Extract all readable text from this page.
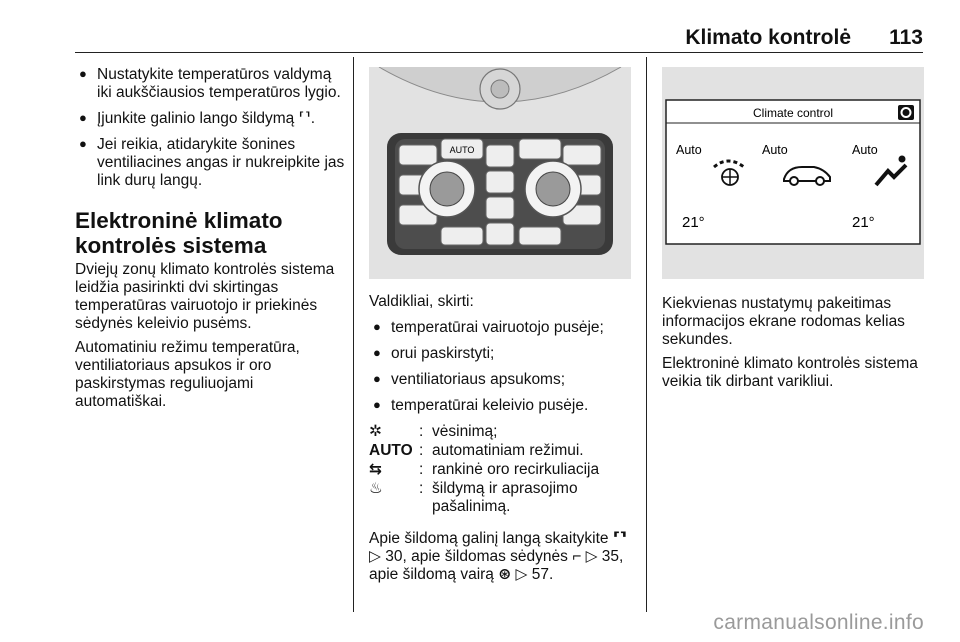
Klimato kontrolė 113
● Nustatykite temperatūros valdymą iki aukščiausios temperatūros lygio.
● Įjunkite galinio lango šildymą ⸢⸣.
● Jei reikia, atidarykite šonines ventiliacines angas ir nukreipkite jas link durų langų.
Elektroninė klimato kontrolės sistema

Dviejų zonų klimato kontrolės sistema leidžia pasirinkti dvi skirtingas temperatūras vairuotojo ir priekinės sėdynės keleivio pusėms.

Automatiniu režimu temperatūra, ventiliatoriaus apsukos ir oro paskirstymas reguliuojami automatiškai.

AUTO

Valdikliai, skirti:

● temperatūrai vairuotojo pusėje;
● orui paskirstyti;
● ventiliatoriaus apsukoms;
● temperatūrai keleivio pusėje.
✲	: vėsinimą;
AUTO : automatiniam režimui.
⇆	: rankinė oro recirkuliacija
♨	: šildymą ir aprasojimo pašalinimą.

Apie šildomą galinį langą skaitykite ⸢⸣ ▷ 30, apie šildomas sėdynės ⌐ ▷ 35, apie šildomą vairą ⊛ ▷ 57.

Climate control
Auto	Auto	Auto
21°	21°

Kiekvienas nustatymų pakeitimas informacijos ekrane rodomas kelias sekundes.

Elektroninė klimato kontrolės sistema veikia tik dirbant varikliui.

carmanualsonline.info
